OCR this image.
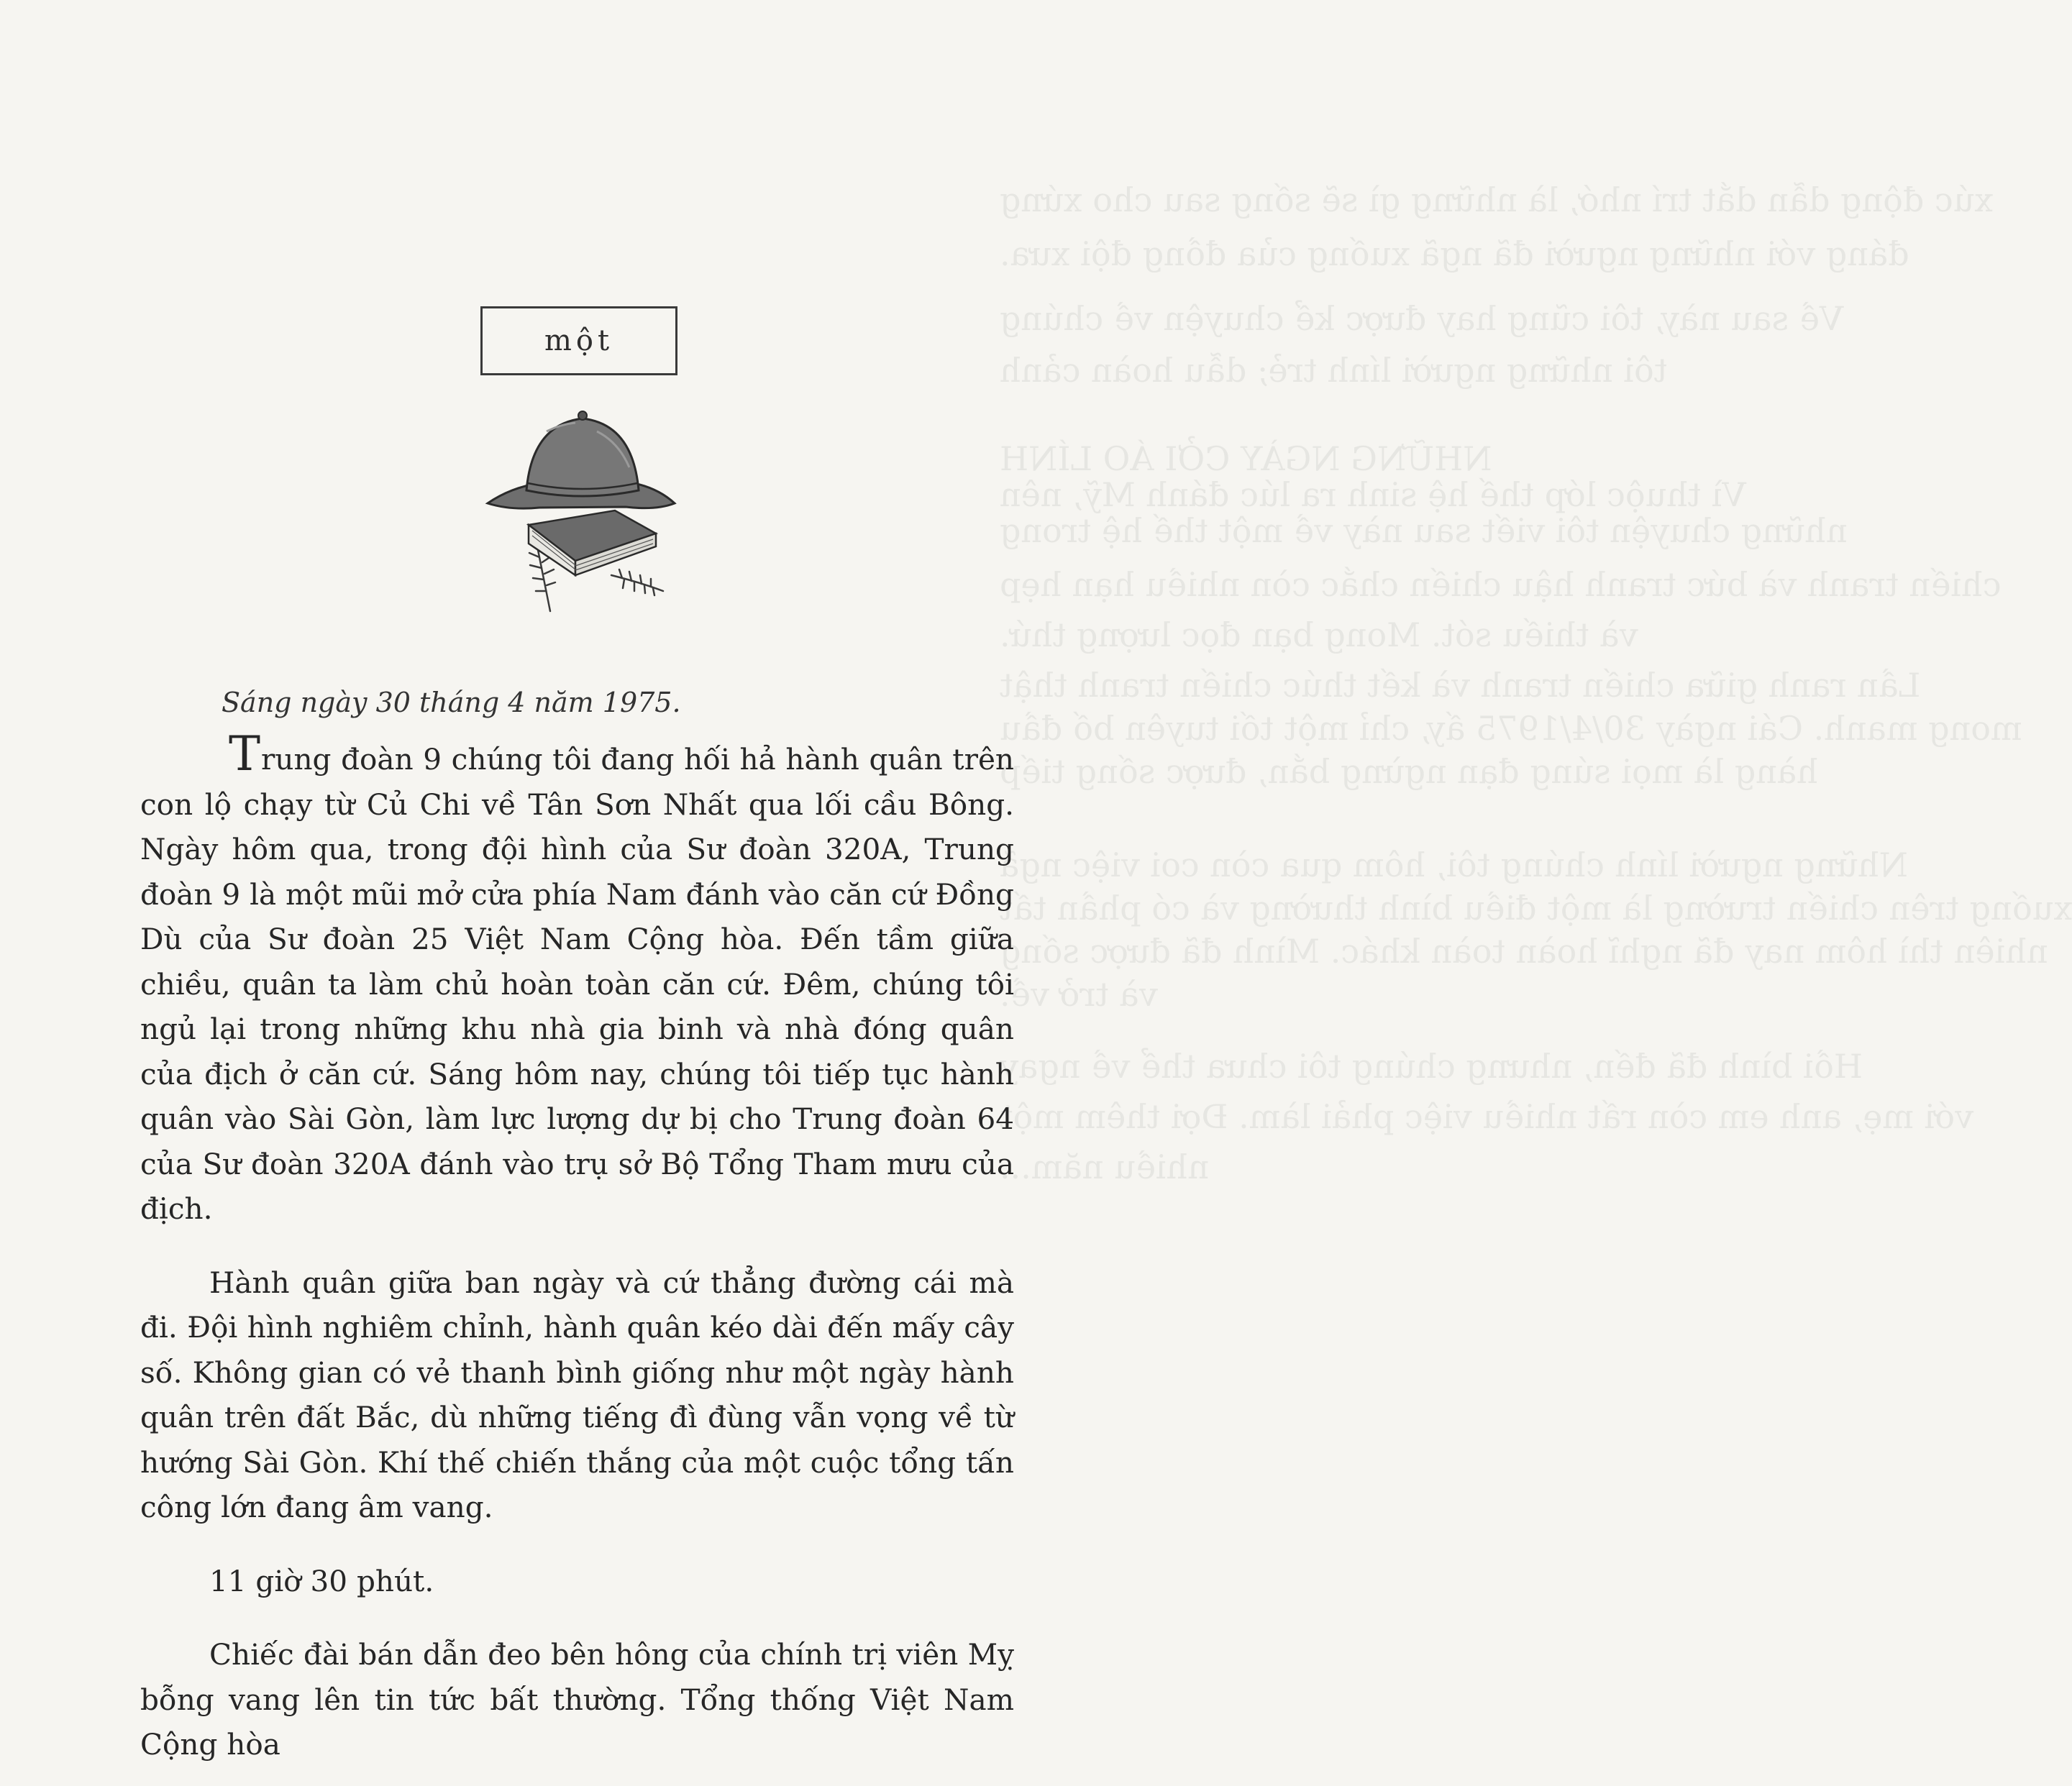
xúc động dẫn dắt trí nhớ, là những gì sẽ sống sau cho xứng
đáng với những người đã ngã xuống của đồng đội xưa.
Về sau này, tôi cũng hay được kể chuyện về chúng
tôi những người lính trẻ; dẫu hoàn cảnh
NHỮNG NGÀY CỞI ÁO LÍNH
Vì thuộc lớp thế hệ sinh ra lúc đánh Mỹ, nên
những chuyện tôi viết sau này về một thế hệ trong
chiến tranh và bức tranh hậu chiến chắc còn nhiều hạn hẹp
và thiếu sót. Mong bạn đọc lượng thứ.
Lần ranh giữa chiến tranh và kết thúc chiến tranh thật
mong manh. Cái ngày 30/4/1975 ấy, chỉ một tối tuyên bố đầu
hàng là mọi súng đạn ngừng bắn, được sống tiếp
Những người lính chúng tôi, hôm qua còn coi việc ngã
xuống trên chiến trường là một điều bình thường và có phần tất
nhiên thì hôm nay đã nghĩ hoàn toàn khác. Mình đã được sống
và trở về.
Hồi bình đã đến, nhưng chúng tôi chưa thể về ngay
với mẹ, anh em còn rất nhiều việc phải làm. Đợi thêm một
nhiều năm...
một
Sáng ngày 30 tháng 4 năm 1975.

Trung đoàn 9 chúng tôi đang hối hả hành quân trên con lộ chạy từ Củ Chi về Tân Sơn Nhất qua lối cầu Bông. Ngày hôm qua, trong đội hình của Sư đoàn 320A, Trung đoàn 9 là một mũi mở cửa phía Nam đánh vào căn cứ Đồng Dù của Sư đoàn 25 Việt Nam Cộng hòa. Đến tầm giữa chiều, quân ta làm chủ hoàn toàn căn cứ. Đêm, chúng tôi ngủ lại trong những khu nhà gia binh và nhà đóng quân của địch ở căn cứ. Sáng hôm nay, chúng tôi tiếp tục hành quân vào Sài Gòn, làm lực lượng dự bị cho Trung đoàn 64 của Sư đoàn 320A đánh vào trụ sở Bộ Tổng Tham mưu của địch.

Hành quân giữa ban ngày và cứ thẳng đường cái mà đi. Đội hình nghiêm chỉnh, hành quân kéo dài đến mấy cây số. Không gian có vẻ thanh bình giống như một ngày hành quân trên đất Bắc, dù những tiếng đì đùng vẫn vọng về từ hướng Sài Gòn. Khí thế chiến thắng của một cuộc tổng tấn công lớn đang âm vang.

11 giờ 30 phút.

Chiếc đài bán dẫn đeo bên hông của chính trị viên Mỵ bỗng vang lên tin tức bất thường. Tổng thống Việt Nam Cộng hòa
